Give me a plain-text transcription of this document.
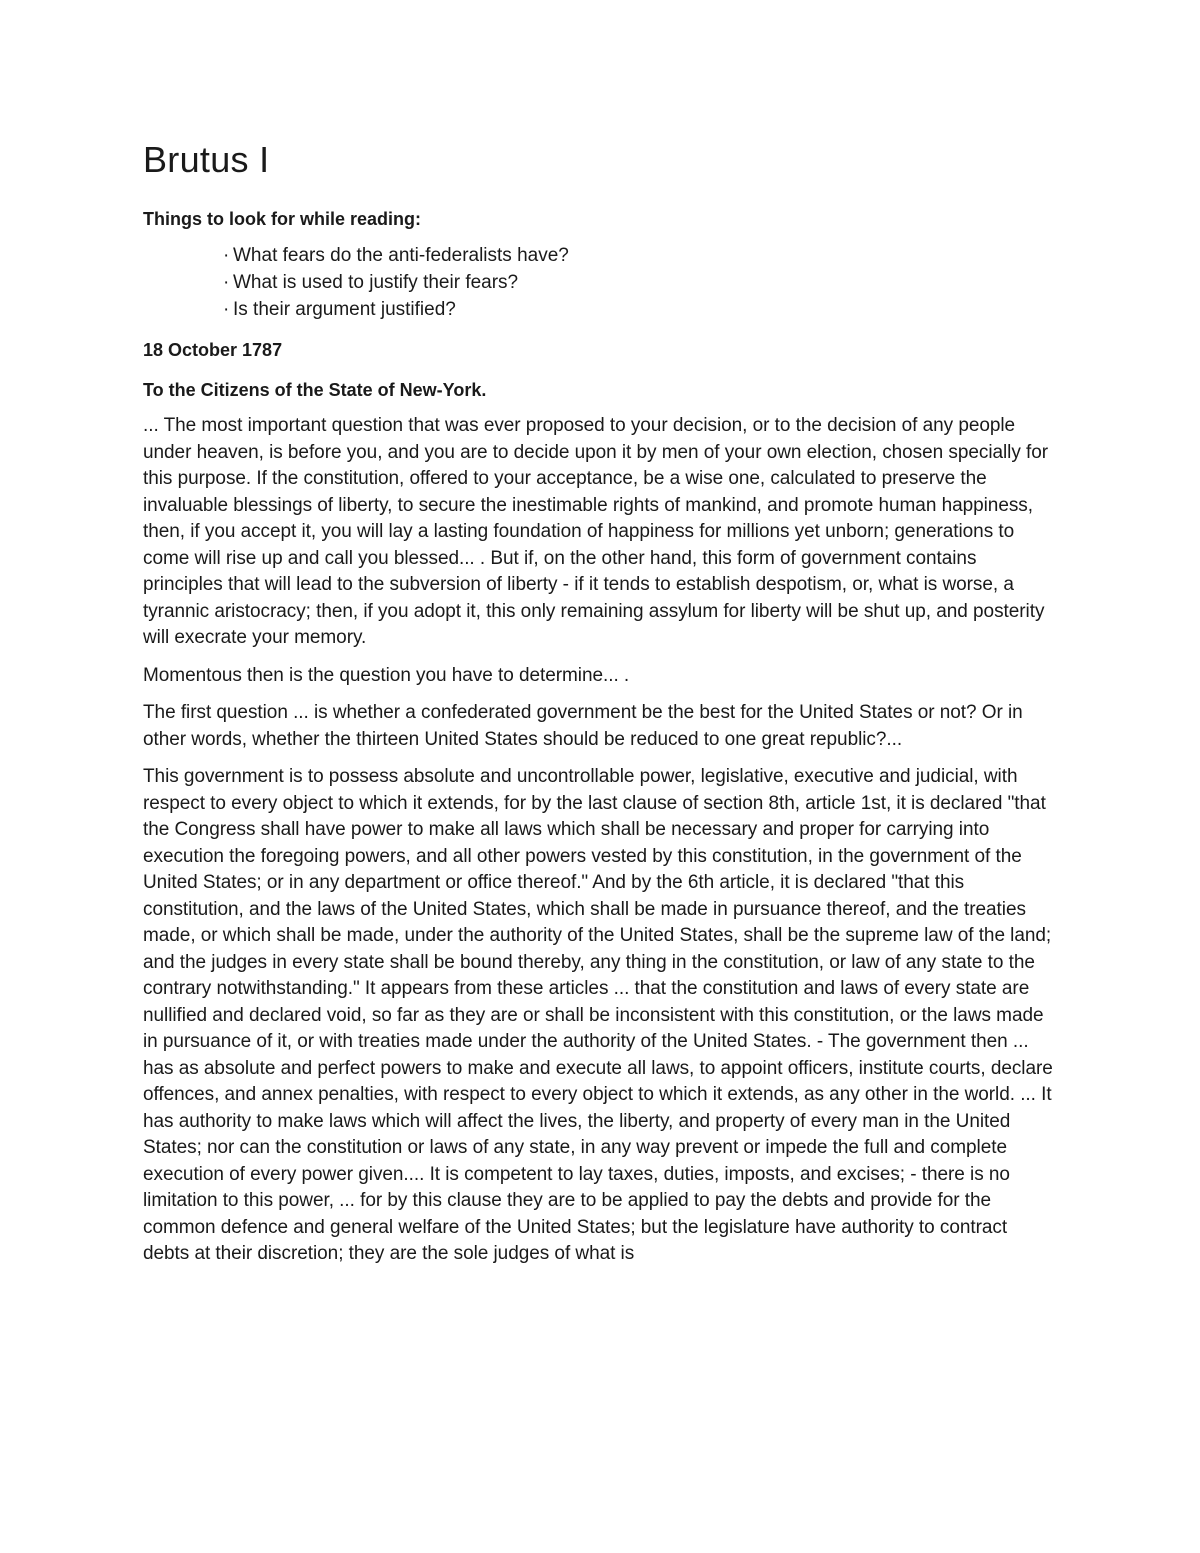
Brutus I
Things to look for while reading:
· What fears do the anti-federalists have?
· What is used to justify their fears?
· Is their argument justified?
18 October 1787
To the Citizens of the State of New-York.

... The most important question that was ever proposed to your decision, or to the decision of any people under heaven, is before you, and you are to decide upon it by men of your own election, chosen specially for this purpose. If the constitution, offered to your acceptance, be a wise one, calculated to preserve the invaluable blessings of liberty, to secure the inestimable rights of mankind, and promote human happiness, then, if you accept it, you will lay a lasting foundation of happiness for millions yet unborn; generations to come will rise up and call you blessed... . But if, on the other hand, this form of government contains principles that will lead to the subversion of liberty - if it tends to establish despotism, or, what is worse, a tyrannic aristocracy; then, if you adopt it, this only remaining assylum for liberty will be shut up, and posterity will execrate your memory.

Momentous then is the question you have to determine... .

The first question ... is whether a confederated government be the best for the United States or not? Or in other words, whether the thirteen United States should be reduced to one great republic?...

This government is to possess absolute and uncontrollable power, legislative, executive and judicial, with respect to every object to which it extends, for by the last clause of section 8th, article 1st, it is declared "that the Congress shall have power to make all laws which shall be necessary and proper for carrying into execution the foregoing powers, and all other powers vested by this constitution, in the government of the United States; or in any department or office thereof." And by the 6th article, it is declared "that this constitution, and the laws of the United States, which shall be made in pursuance thereof, and the treaties made, or which shall be made, under the authority of the United States, shall be the supreme law of the land; and the judges in every state shall be bound thereby, any thing in the constitution, or law of any state to the contrary notwithstanding." It appears from these articles ... that the constitution and laws of every state are nullified and declared void, so far as they are or shall be inconsistent with this constitution, or the laws made in pursuance of it, or with treaties made under the authority of the United States. - The government then ... has as absolute and perfect powers to make and execute all laws, to appoint officers, institute courts, declare offences, and annex penalties, with respect to every object to which it extends, as any other in the world. ... It has authority to make laws which will affect the lives, the liberty, and property of every man in the United States; nor can the constitution or laws of any state, in any way prevent or impede the full and complete execution of every power given.... It is competent to lay taxes, duties, imposts, and excises; - there is no limitation to this power, ... for by this clause they are to be applied to pay the debts and provide for the common defence and general welfare of the United States; but the legislature have authority to contract debts at their discretion; they are the sole judges of what is
